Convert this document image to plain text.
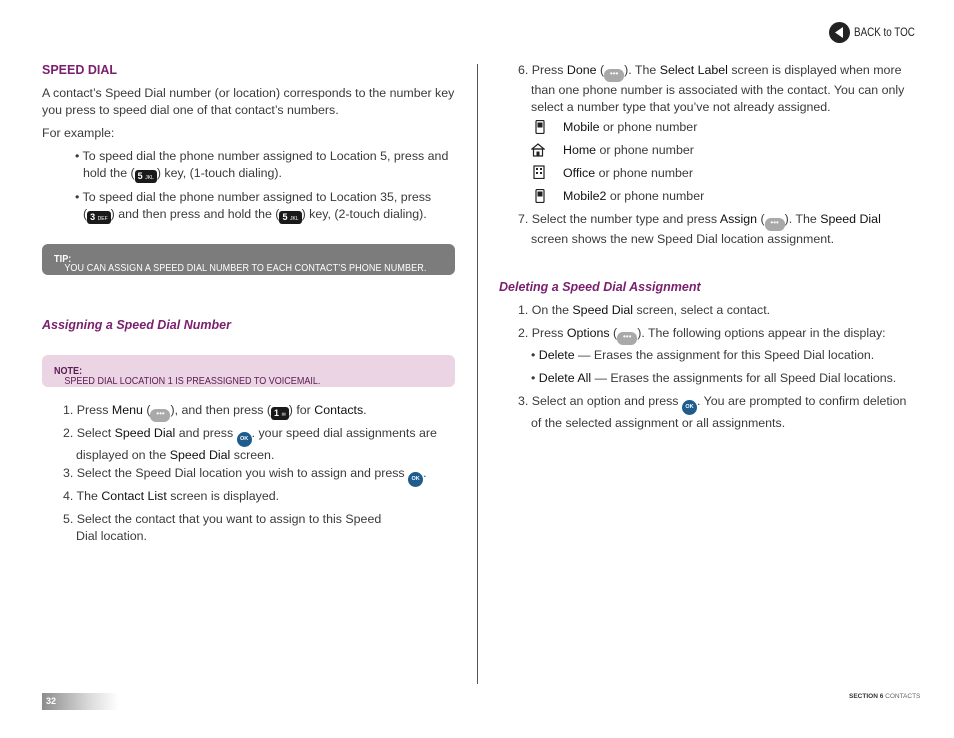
BACK to TOC
SPEED DIAL
A contact’s Speed Dial number (or location) corresponds to the number key
you press to speed dial one of that contact’s numbers.
For example:
• To speed dial the phone number assigned to Location 5, press and
hold the ( 5 JKL ) key, (1-touch dialing).
• To speed dial the phone number assigned to Location 35, press
( 3 DEF ) and then press and hold the ( 5 JKL ) key, (2-touch dialing).
TIP:
YOU CAN ASSIGN A SPEED DIAL NUMBER TO EACH CONTACT’S PHONE NUMBER.
Assigning a Speed Dial Number
NOTE:
SPEED DIAL LOCATION 1 IS PREASSIGNED TO VOICEMAIL.
1. Press Menu ( ••• ), and then press ( 1 ✉ ) for Contacts.
2. Select Speed Dial and press OK . your speed dial assignments are
displayed on the Speed Dial screen.
3. Select the Speed Dial location you wish to assign and press OK .
4. The Contact List screen is displayed.
5. Select the contact that you want to assign to this Speed
Dial location.
6. Press Done ( ••• ). The Select Label screen is displayed when more
than one phone number is associated with the contact. You can only
select a number type that you’ve not already assigned.
Mobile or phone number
Home or phone number
Office or phone number
Mobile2 or phone number
7. Select the number type and press Assign ( ••• ). The Speed Dial
screen shows the new Speed Dial location assignment.
Deleting a Speed Dial Assignment
1. On the Speed Dial screen, select a contact.
2. Press Options ( ••• ). The following options appear in the display:
• Delete — Erases the assignment for this Speed Dial location.
• Delete All — Erases the assignments for all Speed Dial locations.
3. Select an option and press OK . You are prompted to confirm deletion
of the selected assignment or all assignments.
32	SECTION 6 CONTACTS
